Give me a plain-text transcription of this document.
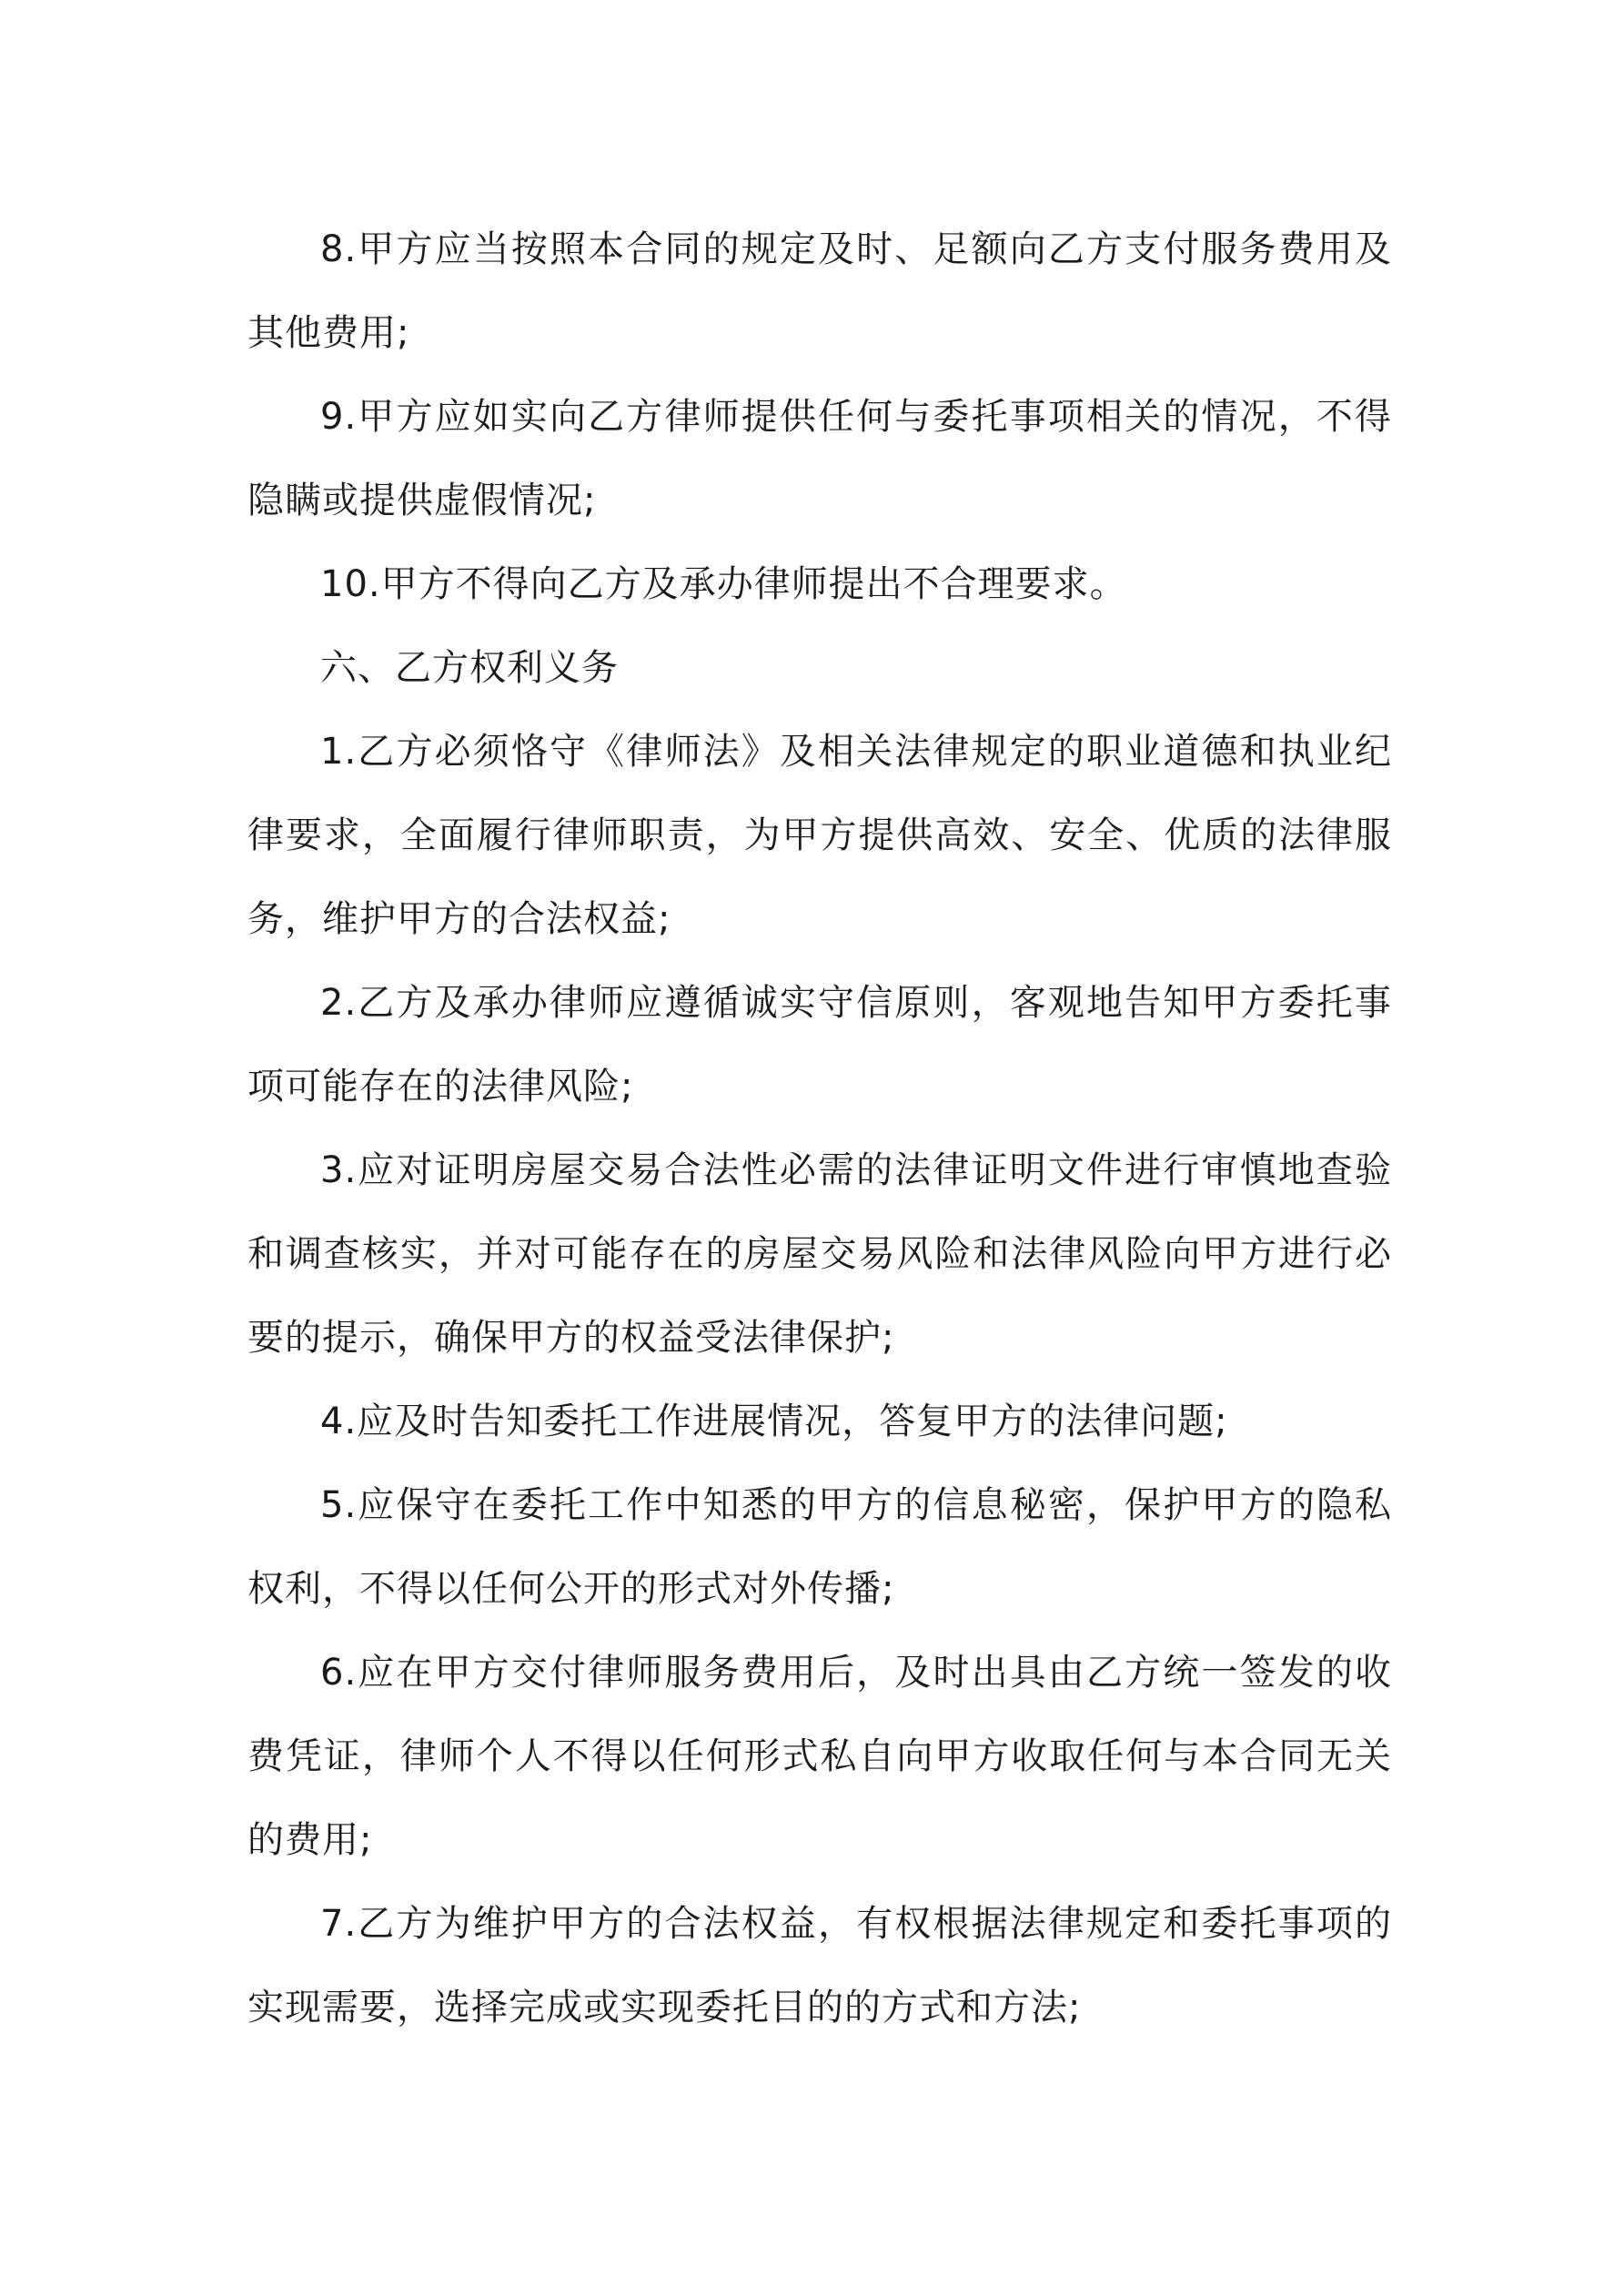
8.甲方应当按照本合同的规定及时、足额向乙方支付服务费用及其他费用;

9.甲方应如实向乙方律师提供任何与委托事项相关的情况，不得隐瞒或提供虚假情况;

10.甲方不得向乙方及承办律师提出不合理要求。

六、乙方权利义务

1.乙方必须恪守《律师法》及相关法律规定的职业道德和执业纪律要求，全面履行律师职责，为甲方提供高效、安全、优质的法律服务，维护甲方的合法权益;

2.乙方及承办律师应遵循诚实守信原则，客观地告知甲方委托事项可能存在的法律风险;

3.应对证明房屋交易合法性必需的法律证明文件进行审慎地查验和调查核实，并对可能存在的房屋交易风险和法律风险向甲方进行必要的提示，确保甲方的权益受法律保护;

4.应及时告知委托工作进展情况，答复甲方的法律问题;

5.应保守在委托工作中知悉的甲方的信息秘密，保护甲方的隐私权利，不得以任何公开的形式对外传播;

6.应在甲方交付律师服务费用后，及时出具由乙方统一签发的收费凭证，律师个人不得以任何形式私自向甲方收取任何与本合同无关的费用;

7.乙方为维护甲方的合法权益，有权根据法律规定和委托事项的实现需要，选择完成或实现委托目的的方式和方法;
